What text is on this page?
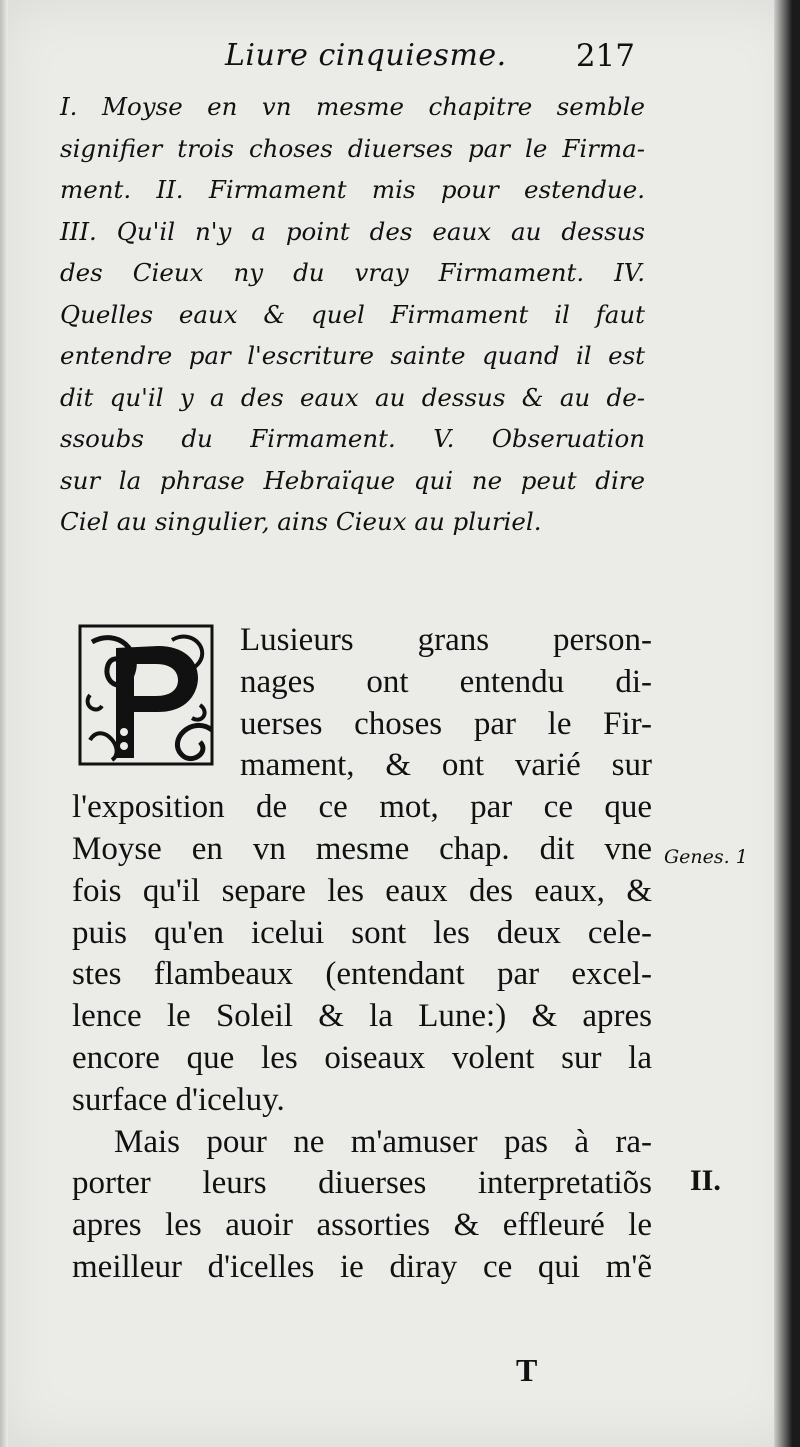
Liure cinquiesme. 217
I. Moyse en vn mesme chapitre semble
signifier trois choses diuerses par le Firma-
ment. II. Firmament mis pour estendue.
III. Qu'il n'y a point des eaux au dessus
des Cieux ny du vray Firmament. IV.
Quelles eaux & quel Firmament il faut
entendre par l'escriture sainte quand il est
dit qu'il y a des eaux au dessus & au de-
ssoubs du Firmament. V. Obseruation
sur la phrase Hebraïque qui ne peut dire
Ciel au singulier, ains Cieux au pluriel.
Lusieurs grans person-
nages ont entendu di-
uerses choses par le Fir-
mament, & ont varié sur
l'exposition de ce mot, par ce que
Moyse en vn mesme chap. dit vne
fois qu'il separe les eaux des eaux, &
puis qu'en icelui sont les deux cele-
stes flambeaux (entendant par excel-
lence le Soleil & la Lune:) & apres
encore que les oiseaux volent sur la
surface d'iceluy.
Mais pour ne m'amuser pas à ra-
porter leurs diuerses interpretatiõs
apres les auoir assorties & effleuré le
meilleur d'icelles ie diray ce qui m'ẽ
Genes. 1
II.
T
